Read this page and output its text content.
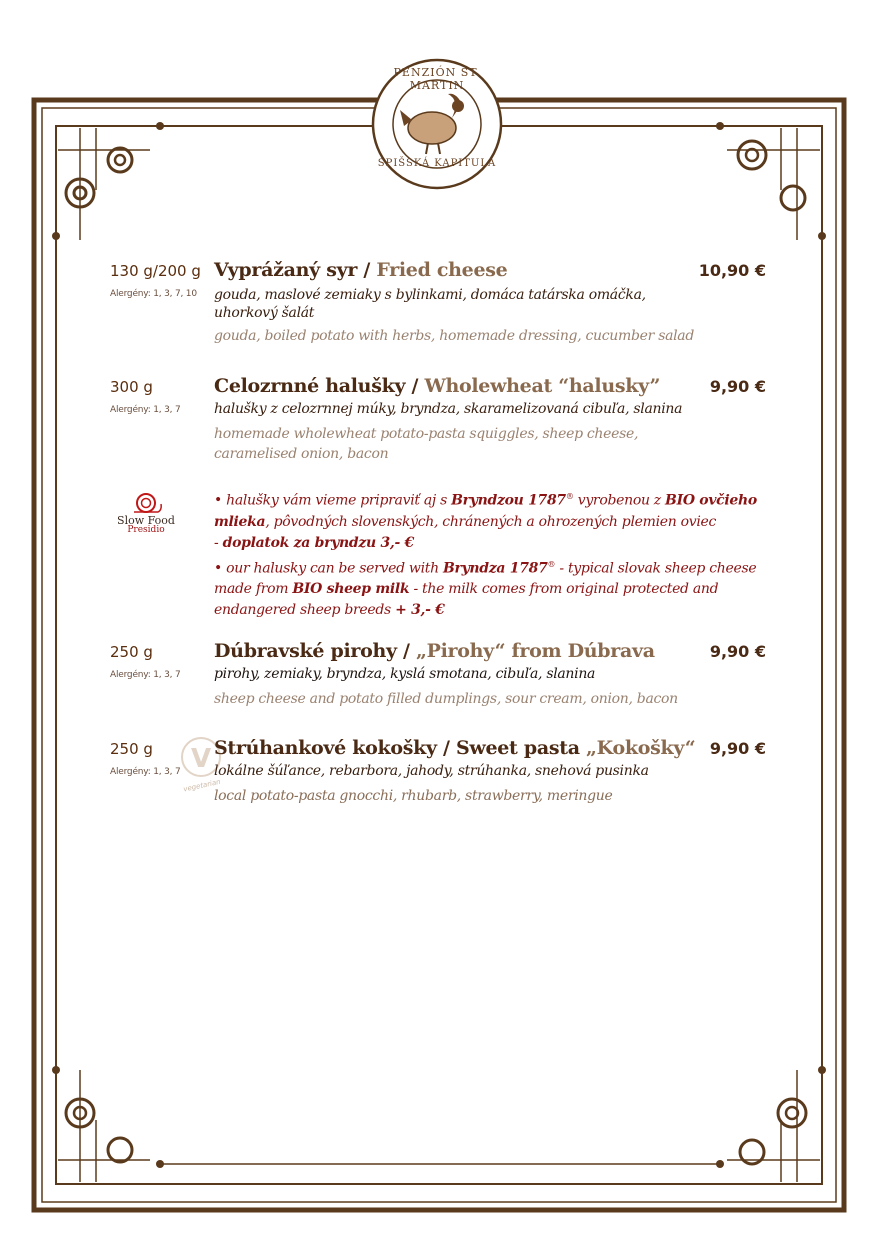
PENZIÓN ST. MARTIN
SPIŠSKÁ KAPITULA
130 g/200 g
Alergény: 1, 3, 7, 10
Vyprážaný syr / Fried cheese	10,90 €
gouda, maslové zemiaky s bylinkami, domáca tatárska omáčka, uhorkový šalát
gouda, boiled potato with herbs, homemade dressing, cucumber salad
300 g
Alergény: 1, 3, 7
Celozrnné halušky / Wholewheat “halusky”	9,90 €
halušky z celozrnnej múky, bryndza, skaramelizovaná cibuľa, slanina
homemade wholewheat potato-pasta squiggles, sheep cheese, caramelised onion, bacon
Slow Food
Presidio
• halušky vám vieme pripraviť aj s Bryndzou 1787® vyrobenou z BIO ovčieho mlieka, pôvodných slovenských, chránených a ohrozených plemien oviec
- doplatok za bryndzu 3,- €
• our halusky can be served with Bryndza 1787® - typical slovak sheep cheese made from BIO sheep milk - the milk comes from original protected and endangered sheep breeds + 3,- €
250 g
Alergény: 1, 3, 7
Dúbravské pirohy / „Pirohy“ from Dúbrava	9,90 €
pirohy, zemiaky, bryndza, kyslá smotana, cibuľa, slanina
sheep cheese and potato filled dumplings, sour cream, onion, bacon
V
vegetarian
250 g
Alergény: 1, 3, 7
Strúhankové kokošky / Sweet pasta „Kokošky“ 9,90 €
lokálne šúľance, rebarbora, jahody, strúhanka, snehová pusinka
local potato-pasta gnocchi, rhubarb, strawberry, meringue
